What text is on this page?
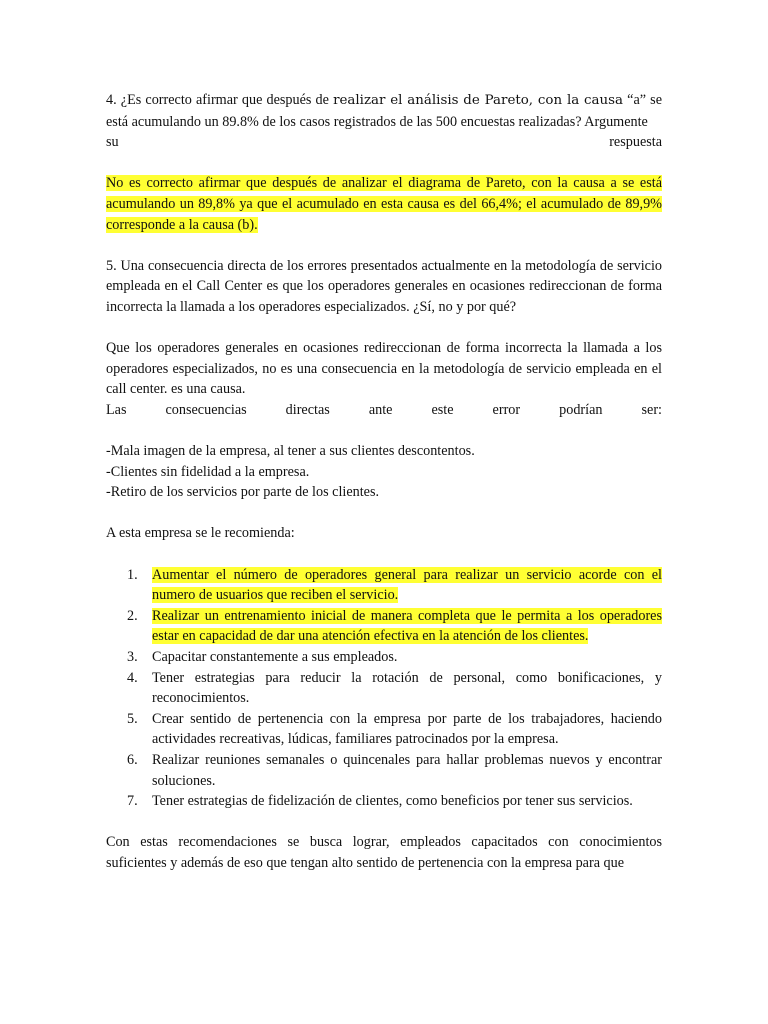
4. ¿Es correcto afirmar que después de realizar el análisis de Pareto, con la causa “a” se está acumulando un 89.8% de los casos registrados de las 500 encuestas realizadas? Argumente

su respuesta

No es correcto afirmar que después de analizar el diagrama de Pareto, con la causa a se está acumulando un 89,8% ya que el acumulado en esta causa es del 66,4%; el acumulado de 89,9% corresponde a la causa (b).

5. Una consecuencia directa de los errores presentados actualmente en la metodología de servicio empleada en el Call Center es que los operadores generales en ocasiones redireccionan de forma incorrecta la llamada a los operadores especializados. ¿Sí, no y por qué?

Que los operadores generales en ocasiones redireccionan de forma incorrecta la llamada a los operadores especializados, no es una consecuencia en la metodología de servicio empleada en el call center. es una causa.

Las consecuencias directas ante este error podrían ser:

-Mala imagen de la empresa, al tener a sus clientes descontentos.
-Clientes sin fidelidad a la empresa.
-Retiro de los servicios por parte de los clientes.

A esta empresa se le recomienda:

1. Aumentar el número de operadores general para realizar un servicio acorde con el numero de usuarios que reciben el servicio.
2. Realizar un entrenamiento inicial de manera completa que le permita a los operadores estar en capacidad de dar una atención efectiva en la atención de los clientes.
3. Capacitar constantemente a sus empleados.
4. Tener estrategias para reducir la rotación de personal, como bonificaciones, y reconocimientos.
5. Crear sentido de pertenencia con la empresa por parte de los trabajadores, haciendo actividades recreativas, lúdicas, familiares patrocinados por la empresa.
6. Realizar reuniones semanales o quincenales para hallar problemas nuevos y encontrar soluciones.
7. Tener estrategias de fidelización de clientes, como beneficios por tener sus servicios.

Con estas recomendaciones se busca lograr, empleados capacitados con conocimientos suficientes y además de eso que tengan alto sentido de pertenencia con la empresa para que
